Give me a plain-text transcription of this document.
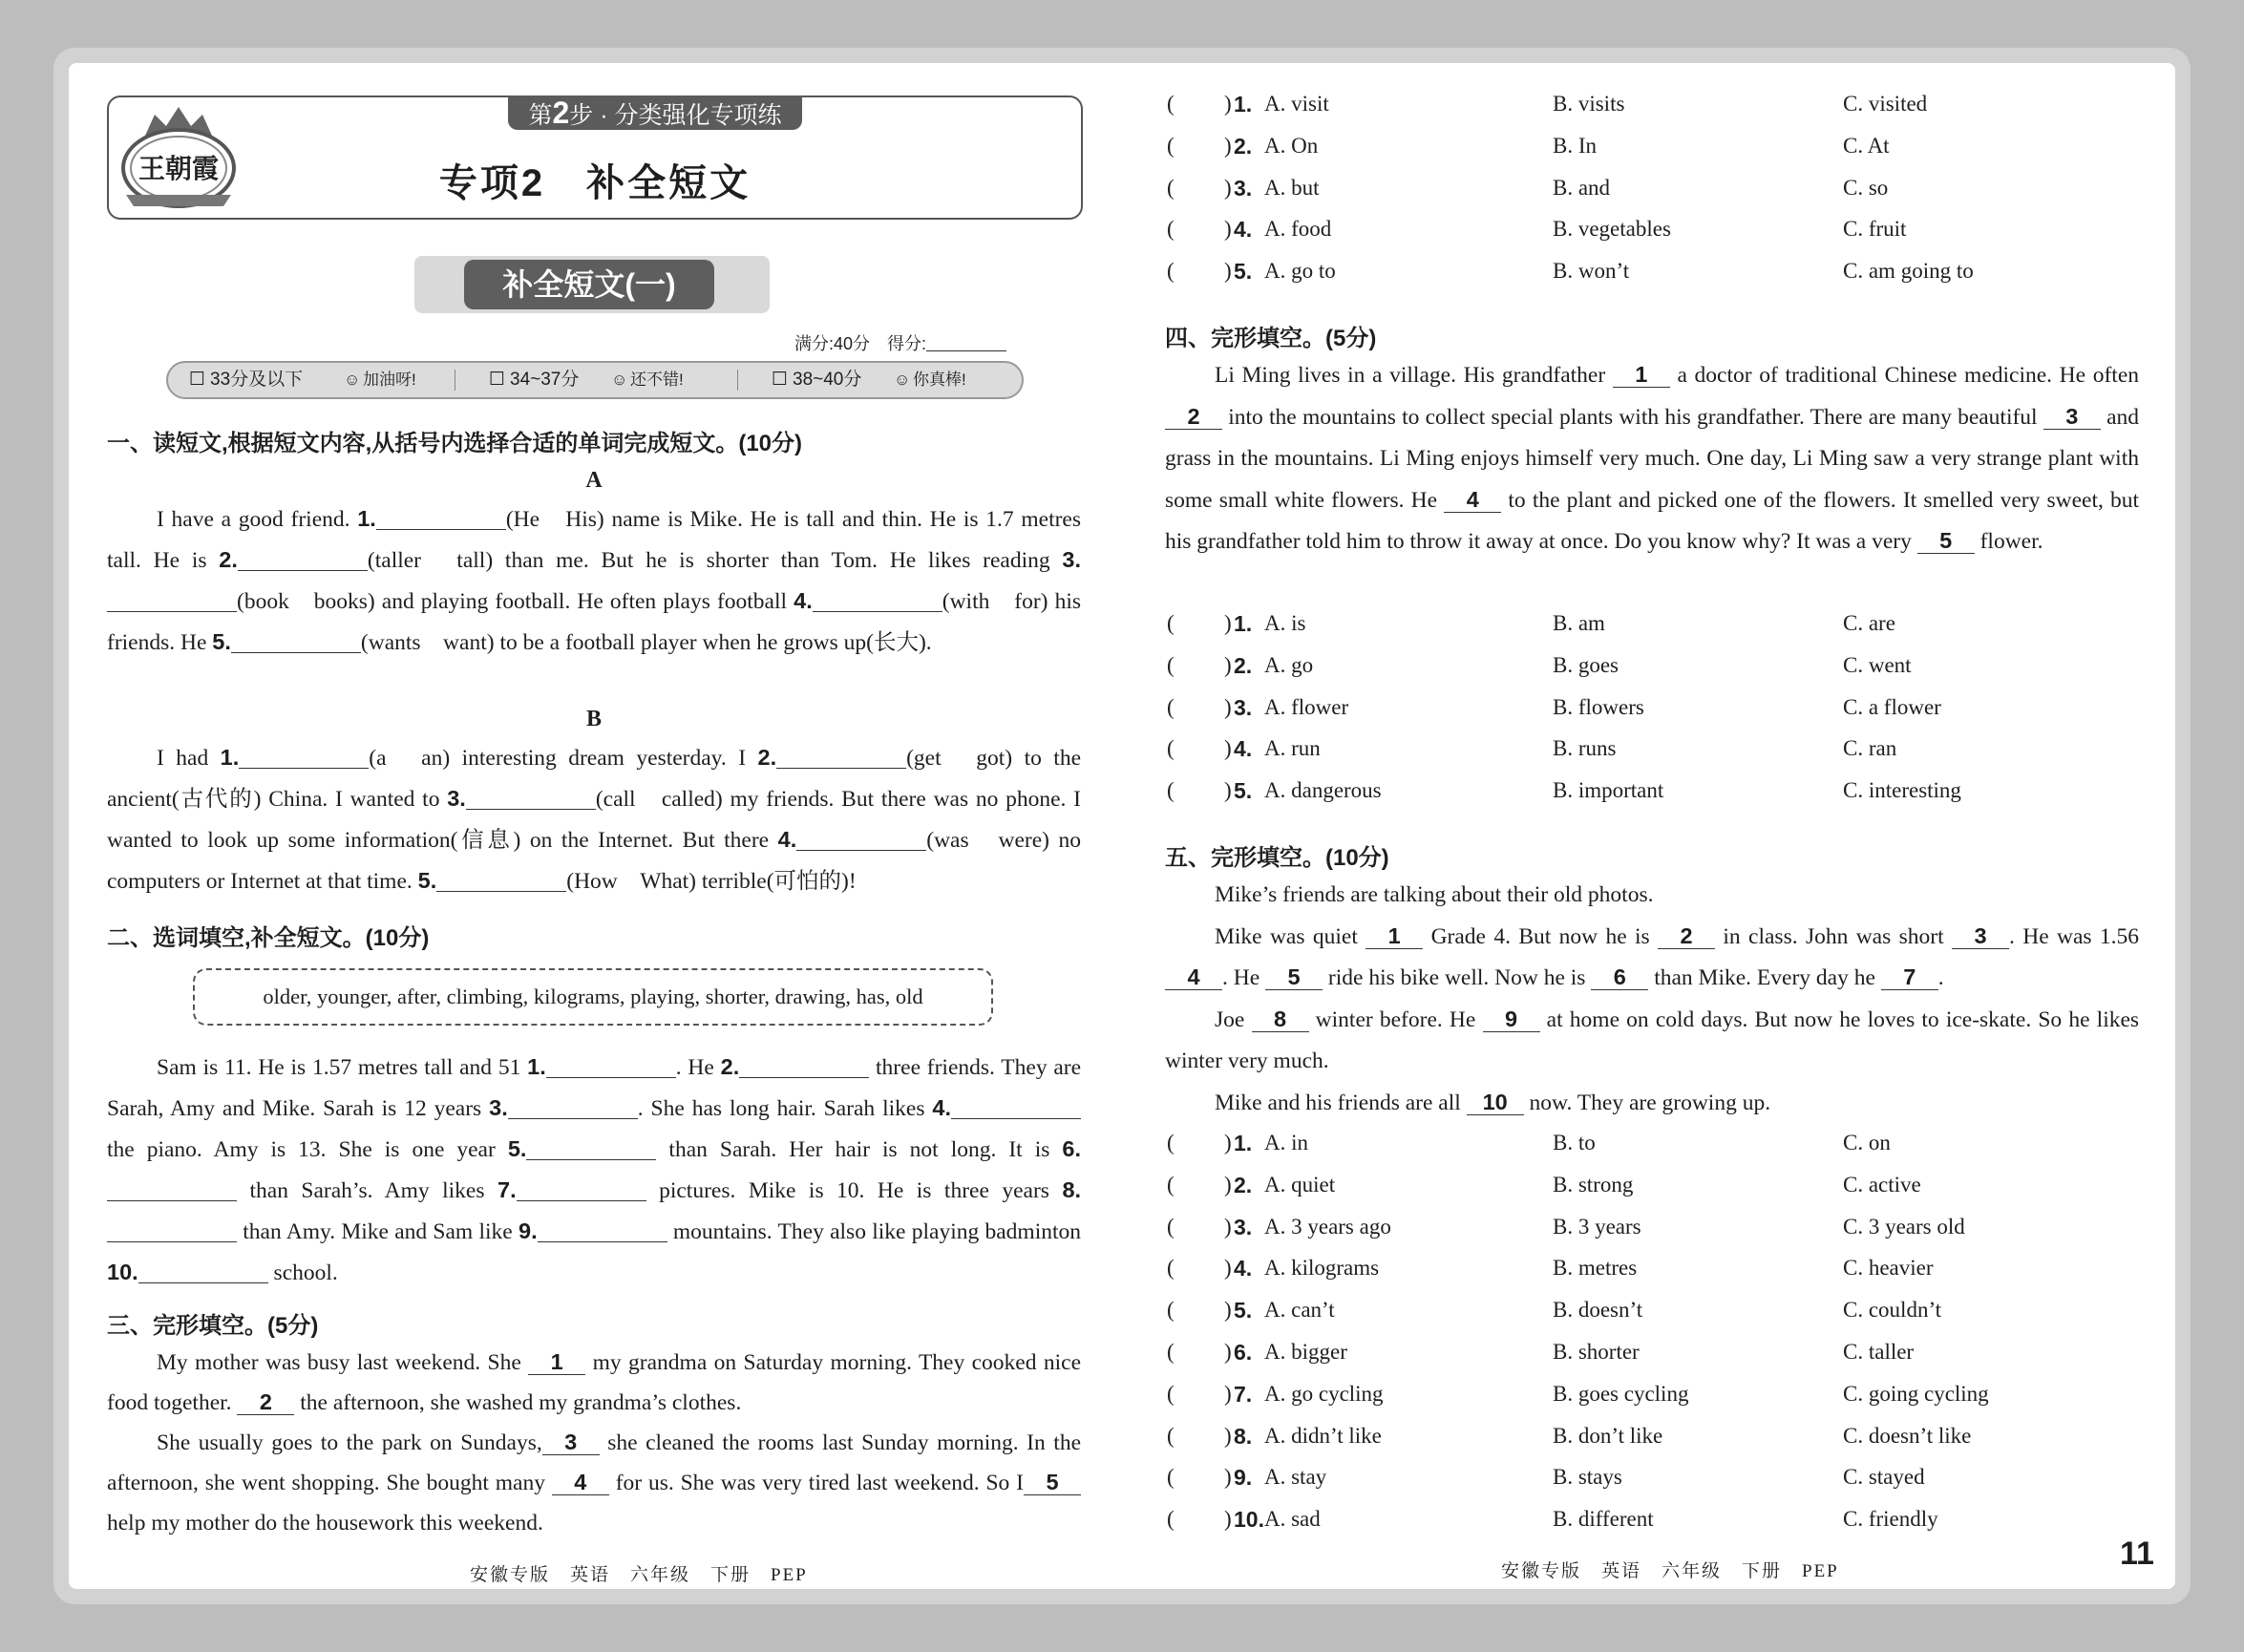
王朝霞
第2步 · 分类强化专项练
专项2　补全短文
补全短文(一)
满分:40分　 得分:
☐ 33分及以下	☺ 加油呀!	☐ 34~37分 ☺ 还不错!	☐ 38~40分 ☺ 你真棒!
一、读短文,根据短文内容,从括号内选择合适的单词完成短文。(10分)
A
I have a good friend. 1.	(He　His) name is Mike. He is tall and thin. He is 1.7 metres tall. He is 2.	(taller　tall) than me. But he is shorter than Tom. He likes reading 3.(book　books) and playing football. He often plays football 4.	(with　for) his friends. He 5.	(wants　want) to be a football player when he grows up(长大).
B
I had 1.	(a　an) interesting dream yesterday. I 2.	(get　got) to the ancient(古代的) China. I wanted to 3.	(call　called) my friends. But there was no phone. I wanted to look up some information(信息) on the Internet. But there 4.	(was　were) no computers or Internet at that time. 5.	(How　What) terrible(可怕的)!
二、选词填空,补全短文。(10分)
older, younger, after, climbing, kilograms, playing, shorter, drawing, has, old
Sam is 11. He is 1.57 metres tall and 51 1.	. He 2.	three friends. They are Sarah, Amy and Mike. Sarah is 12 years 3.	. She has long hair. Sarah likes 4. the piano. Amy is 13. She is one year 5.	than Sarah. Her hair is not long. It is 6. than Sarah’s. Amy likes 7.	pictures. Mike is 10. He is three years 8. than Amy. Mike and Sam like 9.	mountains. They also like playing badminton 10.	school.
三、完形填空。(5分)
My mother was busy last weekend. She 1 my grandma on Saturday morning. They cooked nice food together. 2 the afternoon, she washed my grandma’s clothes.
She usually goes to the park on Sundays, 3 she cleaned the rooms last Sunday morning. In the afternoon, she went shopping. She bought many 4 for us. She was very tired last weekend. So I 5 help my mother do the housework this weekend.
安徽专版　英语　六年级　下册　PEP
( ) 1. A. visit	B. visits	C. visited
( ) 2. A. On	B. In	C. At
( ) 3. A. but	B. and	C. so
( ) 4. A. food	B. vegetables	C. fruit
( ) 5. A. go to	B. won’t	C. am going to
四、完形填空。(5分)
Li Ming lives in a village. His grandfather 1 a doctor of traditional Chinese medicine. He often 2 into the mountains to collect special plants with his grandfather. There are many beautiful 3 and grass in the mountains. Li Ming enjoys himself very much. One day, Li Ming saw a very strange plant with some small white flowers. He 4 to the plant and picked one of the flowers. It smelled very sweet, but his grandfather told him to throw it away at once. Do you know why? It was a very 5 flower.
( ) 1. A. is	B. am	C. are
( ) 2. A. go	B. goes	C. went
( ) 3. A. flower	B. flowers	C. a flower
( ) 4. A. run	B. runs	C. ran
( ) 5. A. dangerous	B. important	C. interesting
五、完形填空。(10分)
Mike’s friends are talking about their old photos.
Mike was quiet 1 Grade 4. But now he is 2 in class. John was short 3 . He was 1.56 4 . He 5 ride his bike well. Now he is 6 than Mike. Every day he 7 .
Joe 8 winter before. He 9 at home on cold days. But now he loves to ice-skate. So he likes winter very much.
Mike and his friends are all 10 now. They are growing up.
( ) 1. A. in	B. to	C. on
( ) 2. A. quiet	B. strong	C. active
( ) 3. A. 3 years ago	B. 3 years	C. 3 years old
( ) 4. A. kilograms	B. metres	C. heavier
( ) 5. A. can’t	B. doesn’t	C. couldn’t
( ) 6. A. bigger	B. shorter	C. taller
( ) 7. A. go cycling	B. goes cycling	C. going cycling
( ) 8. A. didn’t like	B. don’t like	C. doesn’t like
( ) 9. A. stay	B. stays	C. stayed
( ) 10. A. sad	B. different	C. friendly
安徽专版　英语　六年级　下册　PEP	11
